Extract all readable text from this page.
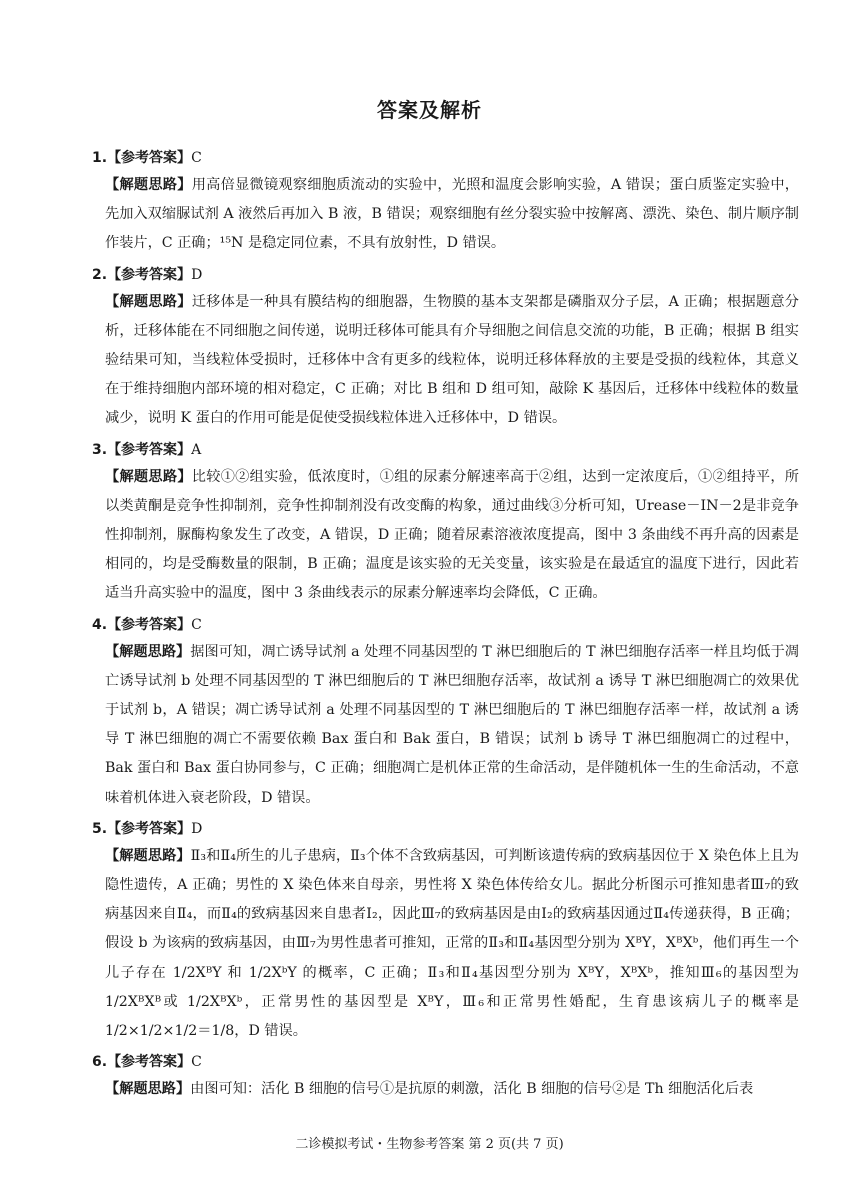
答案及解析
1.【参考答案】C
【解题思路】用高倍显微镜观察细胞质流动的实验中，光照和温度会影响实验，A 错误；蛋白质鉴定实验中，先加入双缩脲试剂 A 液然后再加入 B 液，B 错误；观察细胞有丝分裂实验中按解离、漂洗、染色、制片顺序制作装片，C 正确；¹⁵N 是稳定同位素，不具有放射性，D 错误。
2.【参考答案】D
【解题思路】迁移体是一种具有膜结构的细胞器，生物膜的基本支架都是磷脂双分子层，A 正确；根据题意分析，迁移体能在不同细胞之间传递，说明迁移体可能具有介导细胞之间信息交流的功能，B 正确；根据 B 组实验结果可知，当线粒体受损时，迁移体中含有更多的线粒体，说明迁移体释放的主要是受损的线粒体，其意义在于维持细胞内部环境的相对稳定，C 正确；对比 B 组和 D 组可知，敲除 K 基因后，迁移体中线粒体的数量减少，说明 K 蛋白的作用可能是促使受损线粒体进入迁移体中，D 错误。
3.【参考答案】A
【解题思路】比较①②组实验，低浓度时，①组的尿素分解速率高于②组，达到一定浓度后，①②组持平，所以类黄酮是竞争性抑制剂，竞争性抑制剂没有改变酶的构象，通过曲线③分析可知，Urease－IN－2是非竞争性抑制剂，脲酶构象发生了改变，A 错误，D 正确；随着尿素溶液浓度提高，图中 3 条曲线不再升高的因素是相同的，均是受酶数量的限制，B 正确；温度是该实验的无关变量，该实验是在最适宜的温度下进行，因此若适当升高实验中的温度，图中 3 条曲线表示的尿素分解速率均会降低，C 正确。
4.【参考答案】C
【解题思路】据图可知，凋亡诱导试剂 a 处理不同基因型的 T 淋巴细胞后的 T 淋巴细胞存活率一样且均低于凋亡诱导试剂 b 处理不同基因型的 T 淋巴细胞后的 T 淋巴细胞存活率，故试剂 a 诱导 T 淋巴细胞凋亡的效果优于试剂 b，A 错误；凋亡诱导试剂 a 处理不同基因型的 T 淋巴细胞后的 T 淋巴细胞存活率一样，故试剂 a 诱导 T 淋巴细胞的凋亡不需要依赖 Bax 蛋白和 Bak 蛋白，B 错误；试剂 b 诱导 T 淋巴细胞凋亡的过程中，Bak 蛋白和 Bax 蛋白协同参与，C 正确；细胞凋亡是机体正常的生命活动，是伴随机体一生的生命活动，不意味着机体进入衰老阶段，D 错误。
5.【参考答案】D
【解题思路】Ⅱ₃和Ⅱ₄所生的儿子患病，Ⅱ₃个体不含致病基因，可判断该遗传病的致病基因位于 X 染色体上且为隐性遗传，A 正确；男性的 X 染色体来自母亲，男性将 X 染色体传给女儿。据此分析图示可推知患者Ⅲ₇的致病基因来自Ⅱ₄，而Ⅱ₄的致病基因来自患者Ⅰ₂，因此Ⅲ₇的致病基因是由Ⅰ₂的致病基因通过Ⅱ₄传递获得，B 正确；假设 b 为该病的致病基因，由Ⅲ₇为男性患者可推知，正常的Ⅱ₃和Ⅱ₄基因型分别为 XᴮY，XᴮXᵇ，他们再生一个儿子存在 1/2XᴮY 和 1/2XᵇY 的概率，C 正确；Ⅱ₃和Ⅱ₄基因型分别为 XᴮY，XᴮXᵇ，推知Ⅲ₆的基因型为 1/2XᴮXᴮ或 1/2XᴮXᵇ，正常男性的基因型是 XᴮY，Ⅲ₆和正常男性婚配，生育患该病儿子的概率是 1/2×1/2×1/2＝1/8，D 错误。
6.【参考答案】C
【解题思路】由图可知：活化 B 细胞的信号①是抗原的刺激，活化 B 细胞的信号②是 Th 细胞活化后表
二诊模拟考试・生物参考答案 第 2 页(共 7 页)
